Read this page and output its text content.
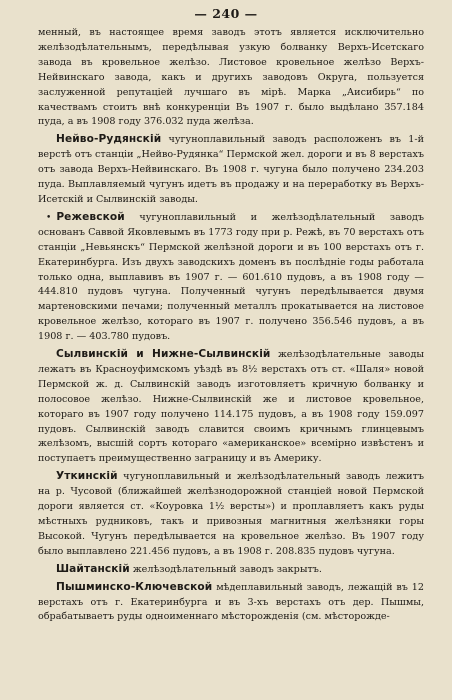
— 240 —

менный, въ настоящее время заводъ этотъ является исключительно желѣзодѣлательнымъ, передѣлывая узкую болванку Верхъ-Исетскаго завода въ кровельное желѣзо. Листовое кровельное желѣзо Верхъ-Нейвинскаго завода, какъ и другихъ заводовъ Округа, пользуется заслуженной репутаціей лучшаго въ мірѣ. Марка „Аисибирь“ по качествамъ стоитъ внѣ конкуренціи Въ 1907 г. было выдѣлано 357.184 пуда, а въ 1908 году 376.032 пуда желѣза.

Нейво-Рудянскій чугуноплавильный заводъ расположенъ въ 1-й верстѣ отъ станціи „Нейво-Рудянка“ Пермской жел. дороги и въ 8 верстахъ отъ завода Верхъ-Нейвинскаго. Въ 1908 г. чугуна было получено 234.203 пуда. Выплавляемый чугунъ идетъ въ продажу и на переработку въ Верхъ-Исетскій и Сылвинскій заводы.

• Режевской чугуноплавильный и желѣзодѣлательный заводъ основанъ Саввой Яковлевымъ въ 1773 году при р. Режѣ, въ 70 верстахъ отъ станціи „Невьянскъ“ Пермской желѣзной дороги и въ 100 верстахъ отъ г. Екатеринбурга. Изъ двухъ заводскихъ доменъ въ послѣдніе годы работала только одна, выплавивъ въ 1907 г. — 601.610 пудовъ, а въ 1908 году — 444.810 пудовъ чугуна. Полученный чугунъ передѣлывается двумя мартеновскими печами; полученный металлъ прокатывается на листовое кровельное желѣзо, котораго въ 1907 г. получено 356.546 пудовъ, а въ 1908 г. — 403.780 пудовъ.

Сылвинскій и Нижне-Сылвинскій желѣзодѣлательные заводы лежатъ въ Красноуфимскомъ уѣздѣ въ 8½ верстахъ отъ ст. «Шаля» новой Пермской ж. д. Сылвинскій заводъ изготовляетъ кричную болванку и полосовое желѣзо. Нижне-Сылвинскій же и листовое кровельное, котораго въ 1907 году получено 114.175 пудовъ, а въ 1908 году 159.097 пудовъ. Сылвинскій заводъ славится своимъ кричнымъ глинцевымъ желѣзомъ, высшій сортъ котораго «американское» всемірно извѣстенъ и поступаетъ преимущественно заграницу и въ Америку.

Уткинскій чугуноплавильный и желѣзодѣлательный заводъ лежитъ на р. Чусовой (ближайшей желѣзнодорожной станціей новой Пермской дороги является ст. «Коуровка 1½ версты») и проплавляетъ какъ руды мѣстныхъ рудниковъ, такъ и привозныя магнитныя желѣзняки горы Высокой. Чугунъ передѣлывается на кровельное желѣзо. Въ 1907 году было выплавлено 221.456 пудовъ, а въ 1908 г. 208.835 пудовъ чугуна.

Шайтанскій желѣзодѣлательный заводъ закрытъ.

Пышминско-Ключевской мѣдеплавильный заводъ, лежащій въ 12 верстахъ отъ г. Екатеринбурга и въ 3-хъ верстахъ отъ дер. Пышмы, обрабатываетъ руды одноименнаго мѣсторожденія (см. мѣсторожде-
